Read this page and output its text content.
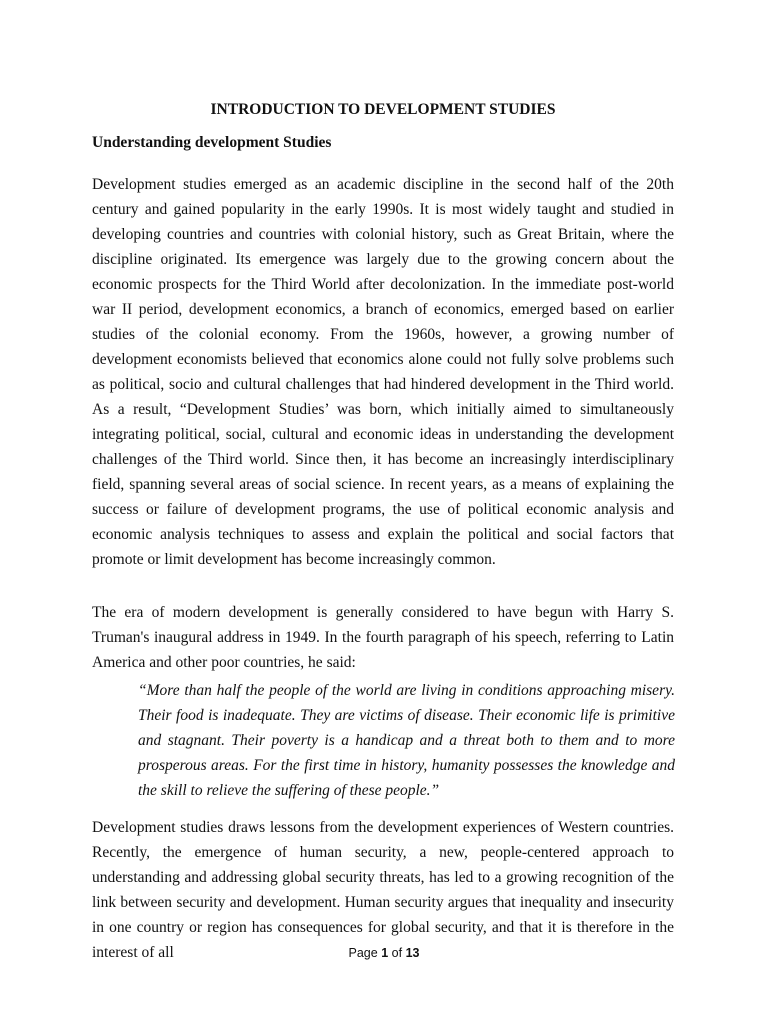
INTRODUCTION TO DEVELOPMENT STUDIES
Understanding development Studies

Development studies emerged as an academic discipline in the second half of the 20th century and gained popularity in the early 1990s. It is most widely taught and studied in developing countries and countries with colonial history, such as Great Britain, where the discipline originated. Its emergence was largely due to the growing concern about the economic prospects for the Third World after decolonization. In the immediate post-world war II period, development economics, a branch of economics, emerged based on earlier studies of the colonial economy. From the 1960s, however, a growing number of development economists believed that economics alone could not fully solve problems such as political, socio and cultural challenges that had hindered development in the Third world. As a result, “Development Studies’ was born, which initially aimed to simultaneously integrating political, social, cultural and economic ideas in understanding the development challenges of the Third world. Since then, it has become an increasingly interdisciplinary field, spanning several areas of social science. In recent years, as a means of explaining the success or failure of development programs, the use of political economic analysis and economic analysis techniques to assess and explain the political and social factors that promote or limit development has become increasingly common.

The era of modern development is generally considered to have begun with Harry S. Truman's inaugural address in 1949. In the fourth paragraph of his speech, referring to Latin America and other poor countries, he said:

“More than half the people of the world are living in conditions approaching misery. Their food is inadequate. They are victims of disease. Their economic life is primitive and stagnant. Their poverty is a handicap and a threat both to them and to more prosperous areas. For the first time in history, humanity possesses the knowledge and the skill to relieve the suffering of these people.”

Development studies draws lessons from the development experiences of Western countries. Recently, the emergence of human security, a new, people-centered approach to understanding and addressing global security threats, has led to a growing recognition of the link between security and development. Human security argues that inequality and insecurity in one country or region has consequences for global security, and that it is therefore in the interest of all	Page 1 of 13
